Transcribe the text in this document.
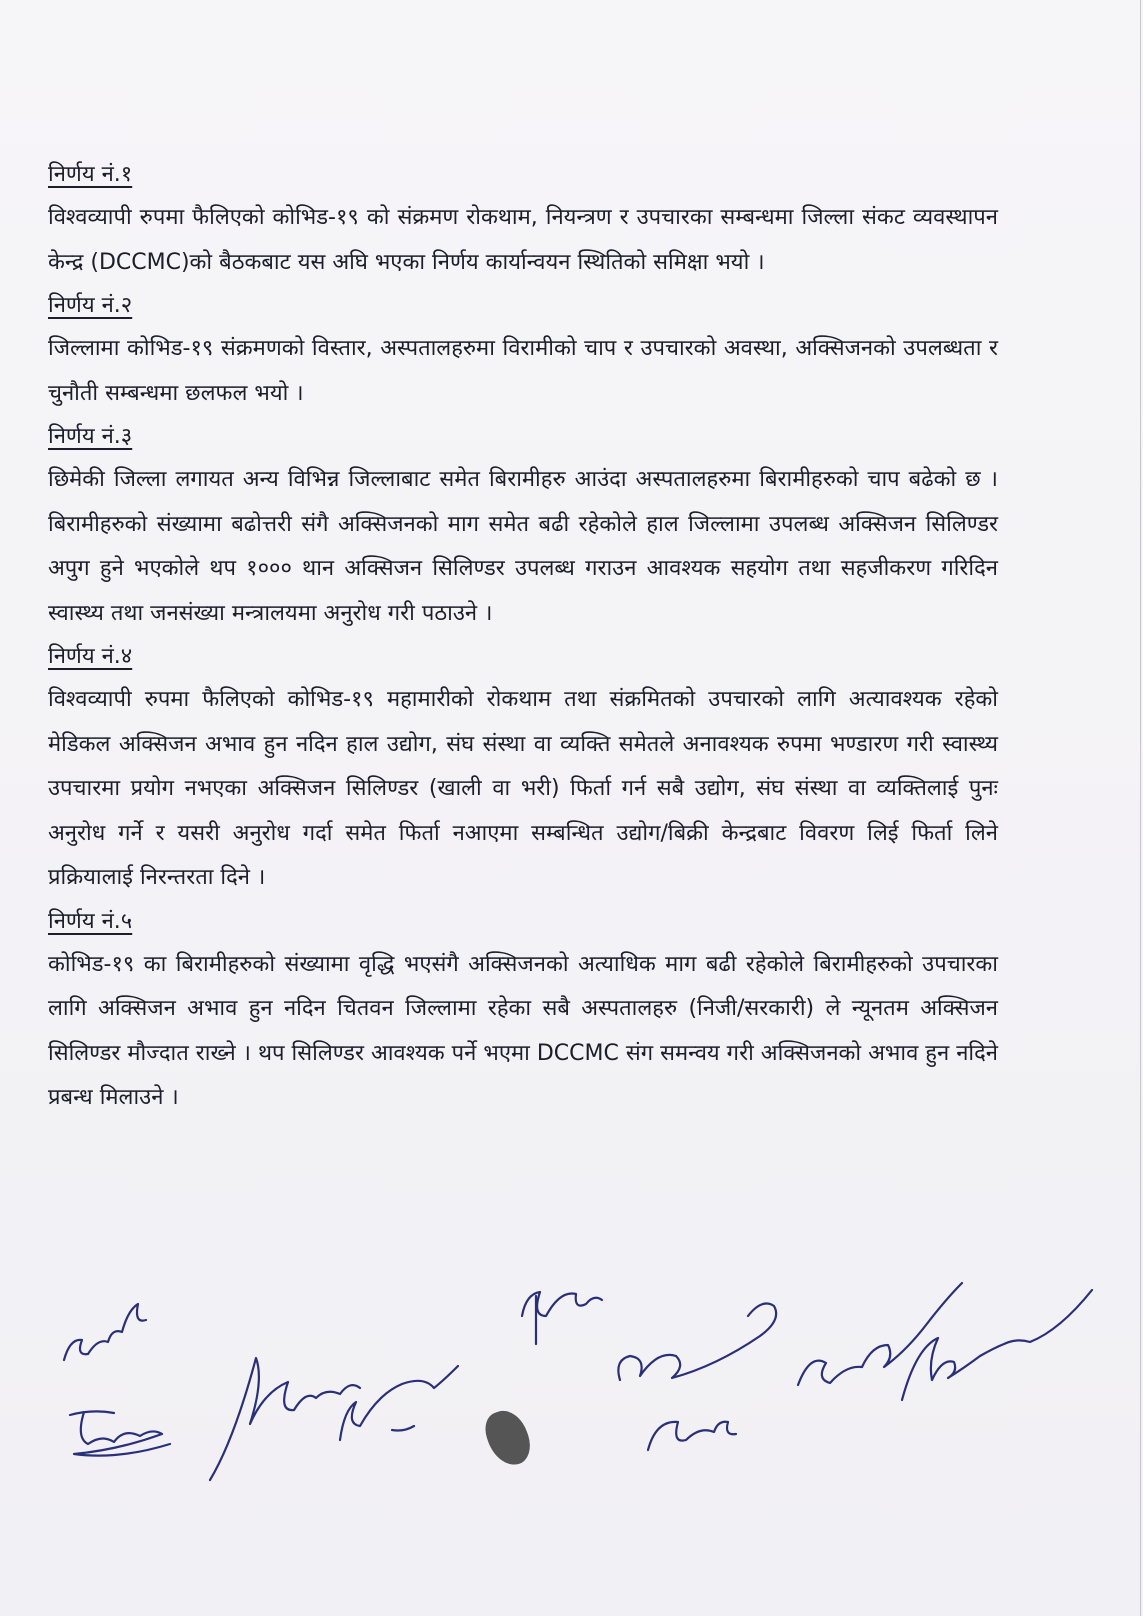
निर्णय नं.१

विश्वव्यापी रुपमा फैलिएको कोभिड-१९ को संक्रमण रोकथाम, नियन्त्रण र उपचारका सम्बन्धमा जिल्ला संकट व्यवस्थापन केन्द्र (DCCMC)को बैठकबाट यस अघि भएका निर्णय कार्यान्वयन स्थितिको समिक्षा भयो ।

निर्णय नं.२

जिल्लामा कोभिड-१९ संक्रमणको विस्तार, अस्पतालहरुमा विरामीको चाप र उपचारको अवस्था, अक्सिजनको उपलब्धता र चुनौती सम्बन्धमा छलफल भयो ।

निर्णय नं.३

छिमेकी जिल्ला लगायत अन्य विभिन्न जिल्लाबाट समेत बिरामीहरु आउंदा अस्पतालहरुमा बिरामीहरुको चाप बढेको छ । बिरामीहरुको संख्यामा बढोत्तरी संगै अक्सिजनको माग समेत बढी रहेकोले हाल जिल्लामा उपलब्ध अक्सिजन सिलिण्डर अपुग हुने भएकोले थप १००० थान अक्सिजन सिलिण्डर उपलब्ध गराउन आवश्यक सहयोग तथा सहजीकरण गरिदिन स्वास्थ्य तथा जनसंख्या मन्त्रालयमा अनुरोध गरी पठाउने ।

निर्णय नं.४

विश्वव्यापी रुपमा फैलिएको कोभिड-१९ महामारीको रोकथाम तथा संक्रमितको उपचारको लागि अत्यावश्यक रहेको मेडिकल अक्सिजन अभाव हुन नदिन हाल उद्योग, संघ संस्था वा व्यक्ति समेतले अनावश्यक रुपमा भण्डारण गरी स्वास्थ्य उपचारमा प्रयोग नभएका अक्सिजन सिलिण्डर (खाली वा भरी) फिर्ता गर्न सबै उद्योग, संघ संस्था वा व्यक्तिलाई पुनः अनुरोध गर्ने र यसरी अनुरोध गर्दा समेत फिर्ता नआएमा सम्बन्धित उद्योग/बिक्री केन्द्रबाट विवरण लिई फिर्ता लिने प्रक्रियालाई निरन्तरता दिने ।

निर्णय नं.५

कोभिड-१९ का बिरामीहरुको संख्यामा वृद्धि भएसंगै अक्सिजनको अत्याधिक माग बढी रहेकोले बिरामीहरुको उपचारका लागि अक्सिजन अभाव हुन नदिन चितवन जिल्लामा रहेका सबै अस्पतालहरु (निजी/सरकारी) ले न्यूनतम अक्सिजन सिलिण्डर मौज्दात राख्ने । थप सिलिण्डर आवश्यक पर्ने भएमा DCCMC संग समन्वय गरी अक्सिजनको अभाव हुन नदिने प्रबन्ध मिलाउने ।
